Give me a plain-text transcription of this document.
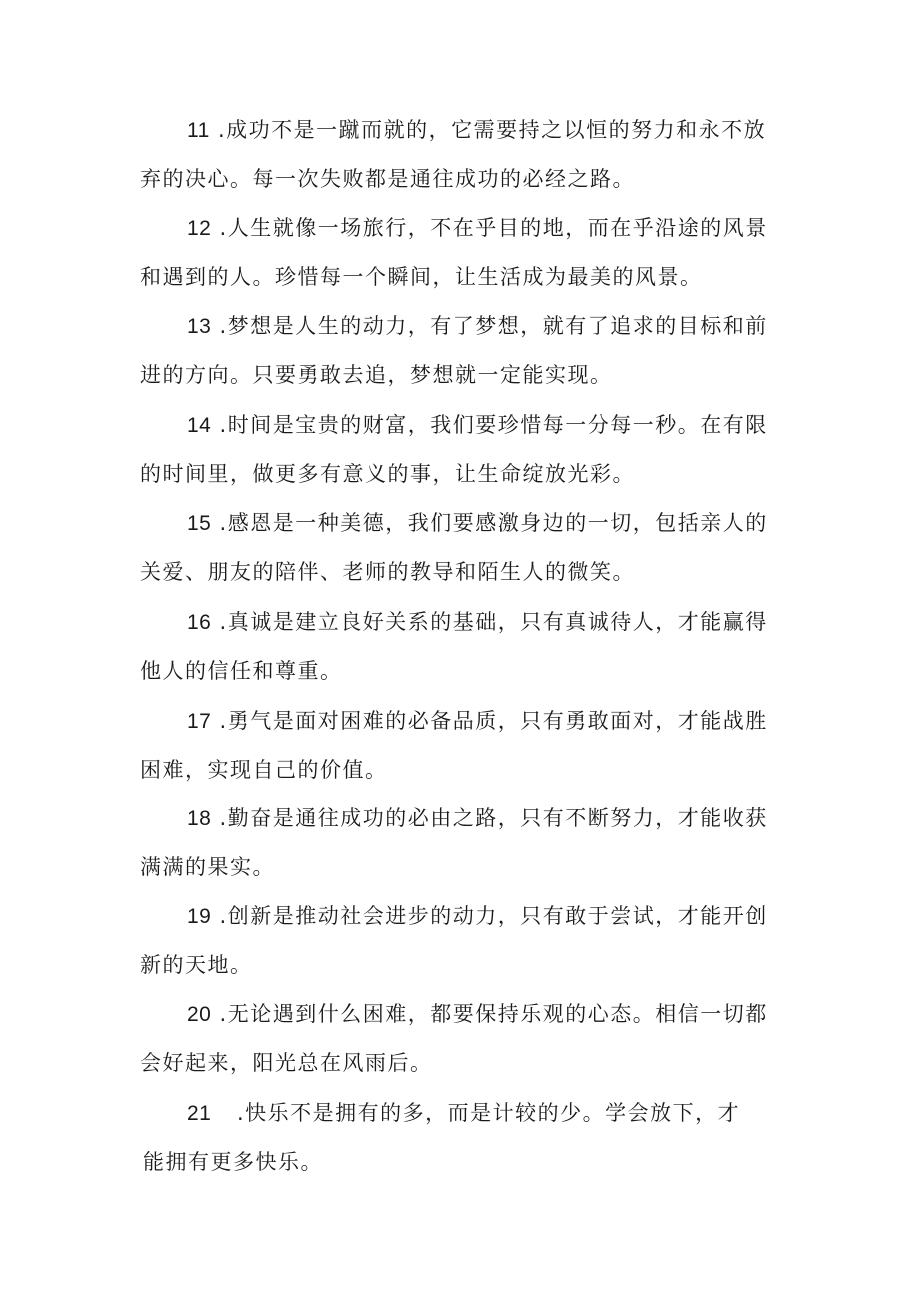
11 .成功不是一蹴而就的，它需要持之以恒的努力和永不放
弃的决心。每一次失败都是通往成功的必经之路。

12 .人生就像一场旅行，不在乎目的地，而在乎沿途的风景
和遇到的人。珍惜每一个瞬间，让生活成为最美的风景。

13 .梦想是人生的动力，有了梦想，就有了追求的目标和前
进的方向。只要勇敢去追，梦想就一定能实现。

14 .时间是宝贵的财富，我们要珍惜每一分每一秒。在有限
的时间里，做更多有意义的事，让生命绽放光彩。

15 .感恩是一种美德，我们要感激身边的一切，包括亲人的
关爱、朋友的陪伴、老师的教导和陌生人的微笑。

16 .真诚是建立良好关系的基础，只有真诚待人，才能赢得
他人的信任和尊重。

17 .勇气是面对困难的必备品质，只有勇敢面对，才能战胜
困难，实现自己的价值。

18 .勤奋是通往成功的必由之路，只有不断努力，才能收获
满满的果实。

19 .创新是推动社会进步的动力，只有敢于尝试，才能开创
新的天地。

20 .无论遇到什么困难，都要保持乐观的心态。相信一切都
会好起来，阳光总在风雨后。

21 .快乐不是拥有的多，而是计较的少。学会放下，才
能拥有更多快乐。
